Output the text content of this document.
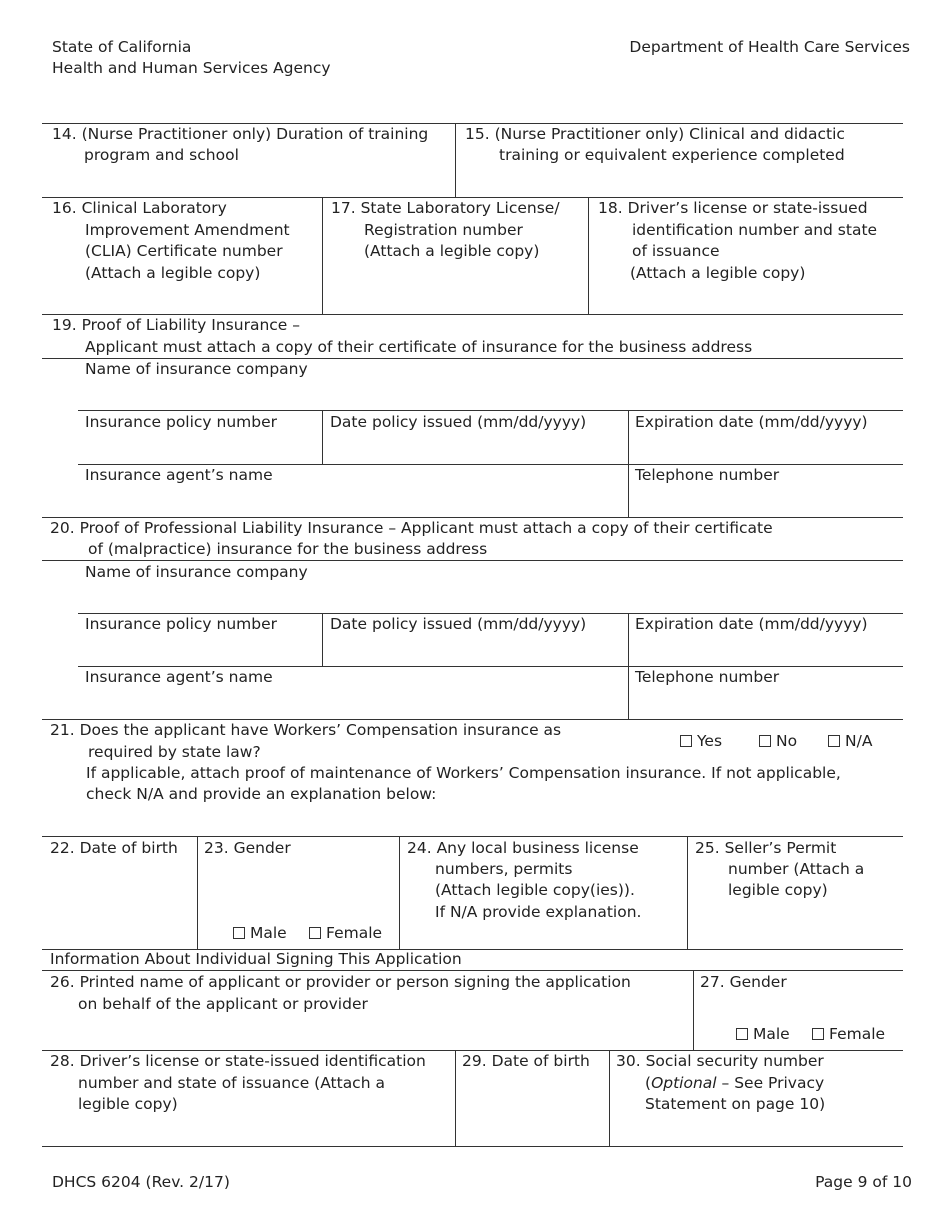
State of California
Health and Human Services Agency
Department of Health Care Services
14. (Nurse Practitioner only) Duration of training
program and school
15. (Nurse Practitioner only) Clinical and didactic
training or equivalent experience completed
16. Clinical Laboratory
Improvement Amendment
(CLIA) Certificate number
(Attach a legible copy)
17. State Laboratory License/
Registration number
(Attach a legible copy)
18. Driver’s license or state-issued
identification number and state
of issuance
(Attach a legible copy)
19. Proof of Liability Insurance –
Applicant must attach a copy of their certificate of insurance for the business address
Name of insurance company
Insurance policy number	Date policy issued (mm/dd/yyyy)	Expiration date (mm/dd/yyyy)
Insurance agent’s name	Telephone number
20. Proof of Professional Liability Insurance – Applicant must attach a copy of their certificate
of (malpractice) insurance for the business address
Name of insurance company
Insurance policy number	Date policy issued (mm/dd/yyyy)	Expiration date (mm/dd/yyyy)
Insurance agent’s name	Telephone number
21. Does the applicant have Workers’ Compensation insurance as
required by state law?
If applicable, attach proof of maintenance of Workers’ Compensation insurance. If not applicable,
check N/A and provide an explanation below:
Yes	No	N/A
22. Date of birth 23. Gender
Male	Female
24. Any local business license
numbers, permits
(Attach legible copy(ies)).
If N/A provide explanation.
25. Seller’s Permit
number (Attach a
legible copy)
Information About Individual Signing This Application
26. Printed name of applicant or provider or person signing the application
on behalf of the applicant or provider
27. Gender
Male	Female
28. Driver’s license or state-issued identification
number and state of issuance (Attach a
legible copy)
29. Date of birth 30. Social security number
(Optional – See Privacy
Statement on page 10)
DHCS 6204 (Rev. 2/17)	Page 9 of 10
